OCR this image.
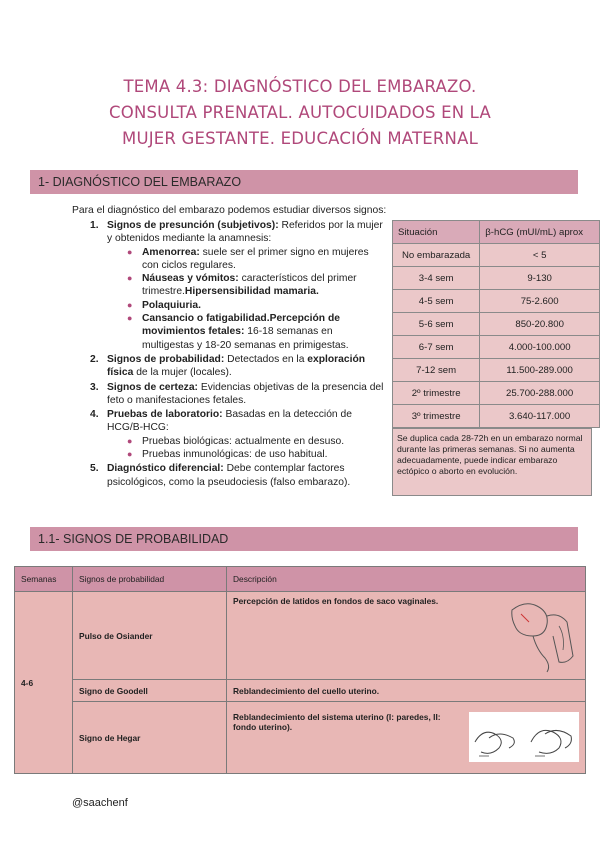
TEMA 4.3: DIAGNÓSTICO DEL EMBARAZO.
CONSULTA PRENATAL. AUTOCUIDADOS EN LA
MUJER GESTANTE. EDUCACIÓN MATERNAL
1- DIAGNÓSTICO DEL EMBARAZO
Para el diagnóstico del embarazo podemos estudiar diversos signos:
1. Signos de presunción (subjetivos): Referidos por la mujer y obtenidos mediante la anamnesis:
● Amenorrea: suele ser el primer signo en mujeres con ciclos regulares.
● Náuseas y vómitos: característicos del primer trimestre.Hipersensibilidad mamaria.
● Polaquiuria.
● Cansancio o fatigabilidad.Percepción de movimientos fetales: 16-18 semanas en multigestas y 18-20 semanas en primigestas.
2. Signos de probabilidad: Detectados en la exploración física de la mujer (locales).
3. Signos de certeza: Evidencias objetivas de la presencia del feto o manifestaciones fetales.
4. Pruebas de laboratorio: Basadas en la detección de HCG/B-HCG:
● Pruebas biológicas: actualmente en desuso.
● Pruebas inmunológicas: de uso habitual.
5. Diagnóstico diferencial: Debe contemplar factores psicológicos, como la pseudociesis (falso embarazo).
Situación	β-hCG (mUI/mL) aprox
No embarazada	< 5
3-4 sem	9-130
4-5 sem	75-2.600
5-6 sem	850-20.800
6-7 sem	4.000-100.000
7-12 sem	11.500-289.000
2º trimestre	25.700-288.000
3º trimestre	3.640-117.000
Se duplica cada 28-72h en un embarazo normal durante las primeras semanas. Si no aumenta adecuadamente, puede indicar embarazo ectópico o aborto en evolución.
1.1- SIGNOS DE PROBABILIDAD
Semanas	Signos de probabilidad	Descripción
4-6	Pulso de Osiander	Percepción de latidos en fondos de saco vaginales.
	Signo de Goodell	Reblandecimiento del cuello uterino.
	Signo de Hegar	Reblandecimiento del sistema uterino (I: paredes, II: fondo uterino).
@saachenf
